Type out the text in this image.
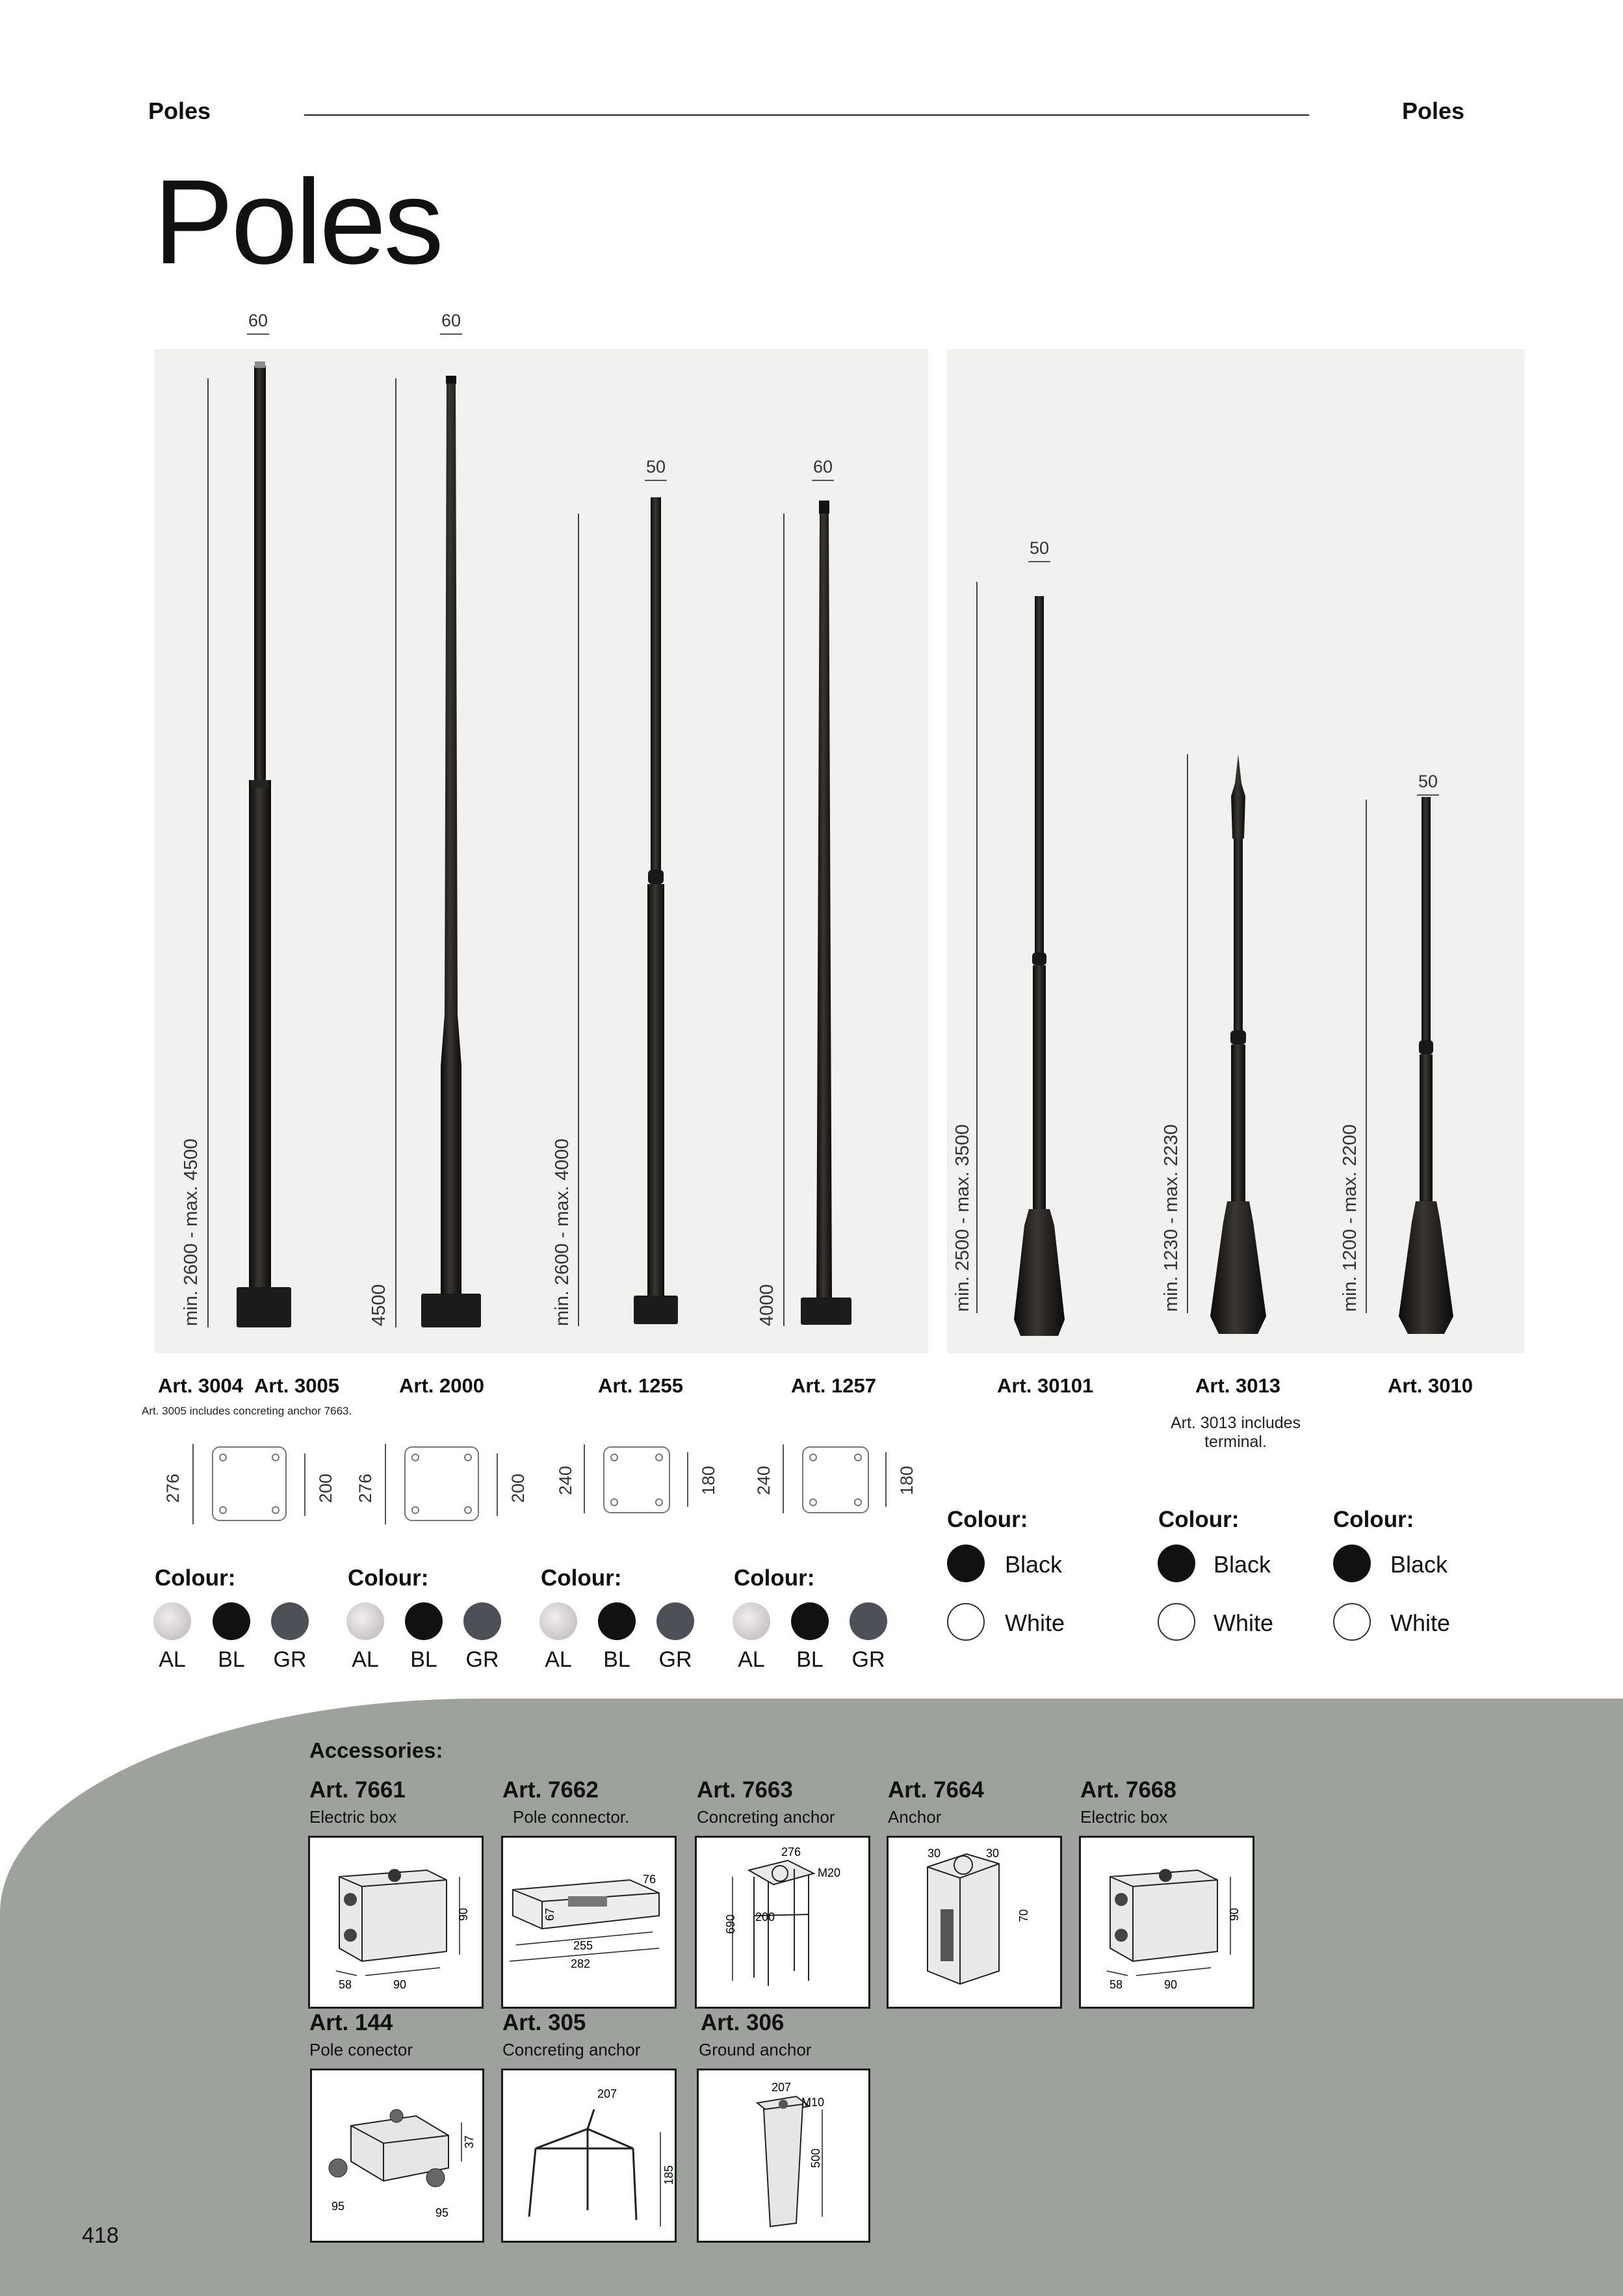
Poles	Poles
Poles
60	60
50	60
50
50
min. 2600 - max. 4500	4500	min. 2600 - max. 4000	4000	min. 2500 - max. 3500	min. 1230 - max. 2230	min. 1200 - max. 2200
Art. 3004 Art. 3005	Art. 2000	Art. 1255	Art. 1257	Art. 30101	Art. 3013	Art. 3010
Art. 3005 includes concreting anchor 7663.
Art. 3013 includes terminal.
276	200 276	200 240	180 240	180
Colour:
AL	BL	GR
Colour:
AL	BL	GR
Colour:
AL	BL	GR
Colour:
AL	BL	GR
Colour:
Black
White
Colour:
Black
White
Colour:
Black
White
Accessories:
Art. 7661
Electric box
Art. 7662
Pole connector.
Art. 7663
Concreting anchor
Art. 7664
Anchor
Art. 7668
Electric box
90
58	90
76
67
255
282
276
M20
200
690
30	30
70	90
58	90
Art. 144
Pole conector
Art. 305
Concreting anchor
Art. 306
Ground anchor
37
95	95
207
185
207
M10
500
418
